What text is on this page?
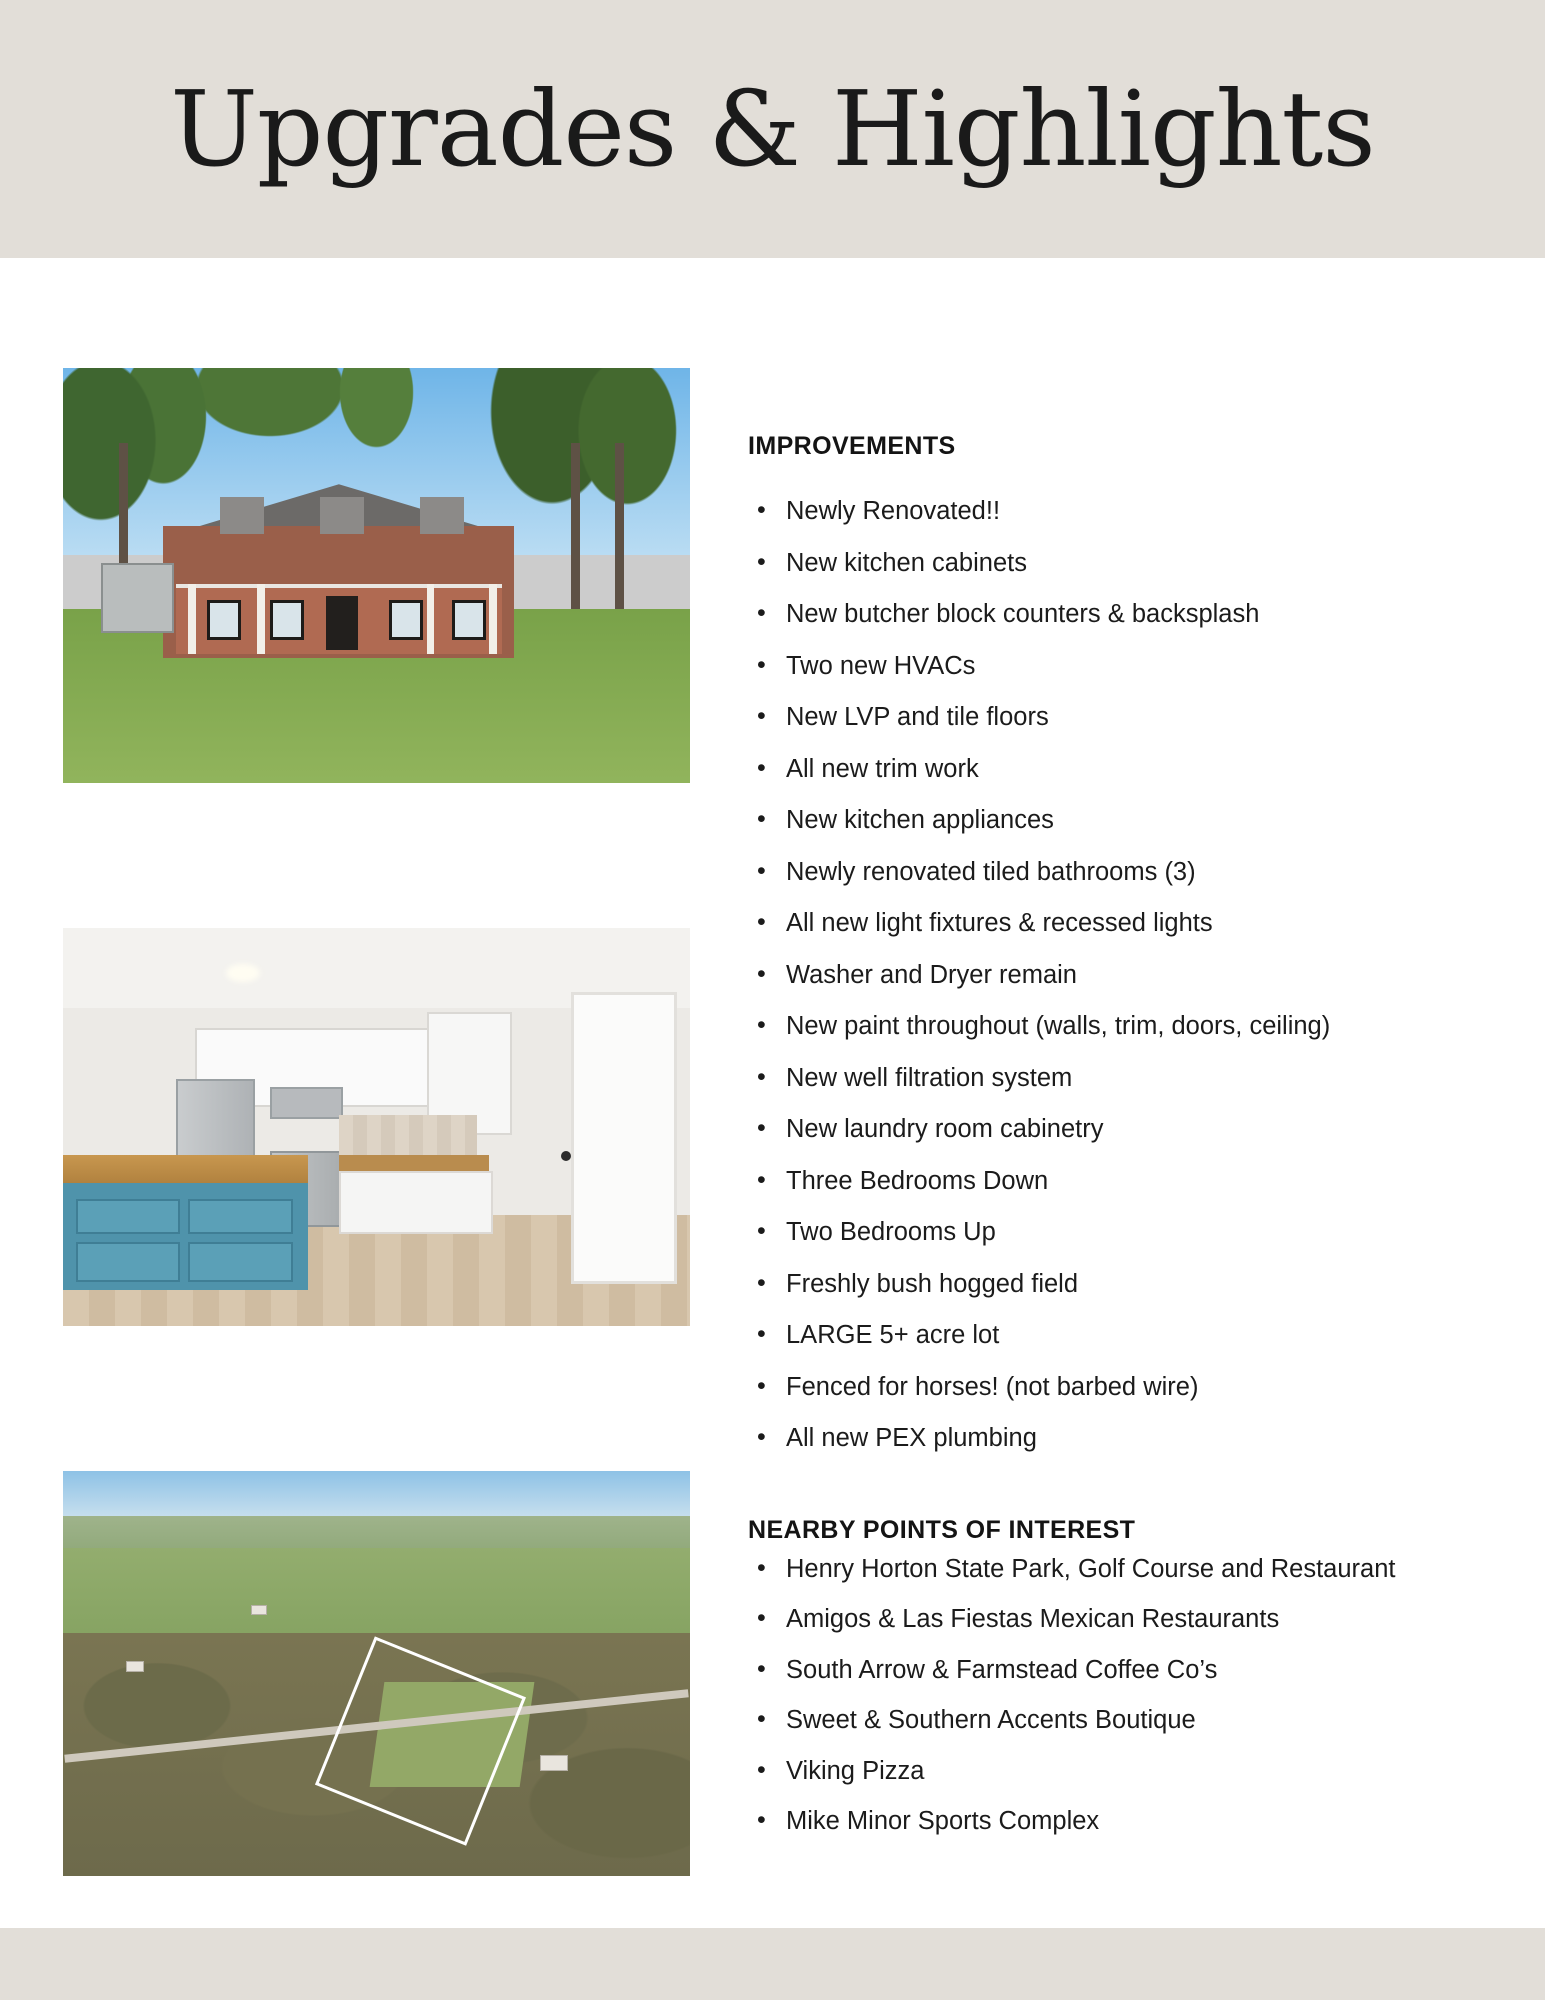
Upgrades & Highlights
IMPROVEMENTS
• Newly Renovated!!
• New kitchen cabinets
• New butcher block counters & backsplash
• Two new HVACs
• New LVP and tile floors
• All new trim work
• New kitchen appliances
• Newly renovated tiled bathrooms (3)
• All new light fixtures & recessed lights
• Washer and Dryer remain
• New paint throughout (walls, trim, doors, ceiling)
• New well filtration system
• New laundry room cabinetry
• Three Bedrooms Down
• Two Bedrooms Up
• Freshly bush hogged field
• LARGE 5+ acre lot
• Fenced for horses! (not barbed wire)
• All new PEX plumbing
NEARBY POINTS OF INTEREST
• Henry Horton State Park, Golf Course and Restaurant
• Amigos & Las Fiestas Mexican Restaurants
• South Arrow & Farmstead Coffee Co’s
• Sweet & Southern Accents Boutique
• Viking Pizza
• Mike Minor Sports Complex
